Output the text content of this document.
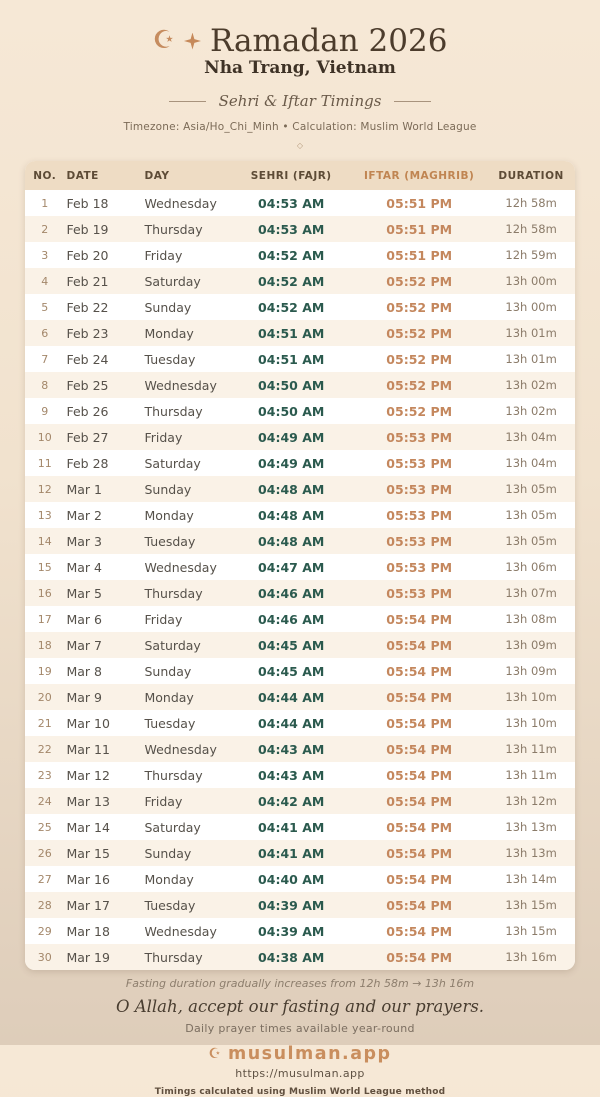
☪ Ramadan 2026
Nha Trang, Vietnam
Sehri & Iftar Timings
Timezone: Asia/Ho_Chi_Minh • Calculation: Muslim World League
◇
NO.	DATE	DAY	SEHRI (FAJR)	IFTAR (MAGHRIB)	DURATION
1	Feb 18	Wednesday	04:53 AM	05:51 PM	12h 58m
2	Feb 19	Thursday	04:53 AM	05:51 PM	12h 58m
3	Feb 20	Friday	04:52 AM	05:51 PM	12h 59m
4	Feb 21	Saturday	04:52 AM	05:52 PM	13h 00m
5	Feb 22	Sunday	04:52 AM	05:52 PM	13h 00m
6	Feb 23	Monday	04:51 AM	05:52 PM	13h 01m
7	Feb 24	Tuesday	04:51 AM	05:52 PM	13h 01m
8	Feb 25	Wednesday	04:50 AM	05:52 PM	13h 02m
9	Feb 26	Thursday	04:50 AM	05:52 PM	13h 02m
10	Feb 27	Friday	04:49 AM	05:53 PM	13h 04m
11	Feb 28	Saturday	04:49 AM	05:53 PM	13h 04m
12	Mar 1	Sunday	04:48 AM	05:53 PM	13h 05m
13	Mar 2	Monday	04:48 AM	05:53 PM	13h 05m
14	Mar 3	Tuesday	04:48 AM	05:53 PM	13h 05m
15	Mar 4	Wednesday	04:47 AM	05:53 PM	13h 06m
16	Mar 5	Thursday	04:46 AM	05:53 PM	13h 07m
17	Mar 6	Friday	04:46 AM	05:54 PM	13h 08m
18	Mar 7	Saturday	04:45 AM	05:54 PM	13h 09m
19	Mar 8	Sunday	04:45 AM	05:54 PM	13h 09m
20	Mar 9	Monday	04:44 AM	05:54 PM	13h 10m
21	Mar 10	Tuesday	04:44 AM	05:54 PM	13h 10m
22	Mar 11	Wednesday	04:43 AM	05:54 PM	13h 11m
23	Mar 12	Thursday	04:43 AM	05:54 PM	13h 11m
24	Mar 13	Friday	04:42 AM	05:54 PM	13h 12m
25	Mar 14	Saturday	04:41 AM	05:54 PM	13h 13m
26	Mar 15	Sunday	04:41 AM	05:54 PM	13h 13m
27	Mar 16	Monday	04:40 AM	05:54 PM	13h 14m
28	Mar 17	Tuesday	04:39 AM	05:54 PM	13h 15m
29	Mar 18	Wednesday	04:39 AM	05:54 PM	13h 15m
30	Mar 19	Thursday	04:38 AM	05:54 PM	13h 16m
Fasting duration gradually increases from 12h 58m → 13h 16m
O Allah, accept our fasting and our prayers.
Daily prayer times available year-round
☪ musulman.app
https://musulman.app
Timings calculated using Muslim World League method
